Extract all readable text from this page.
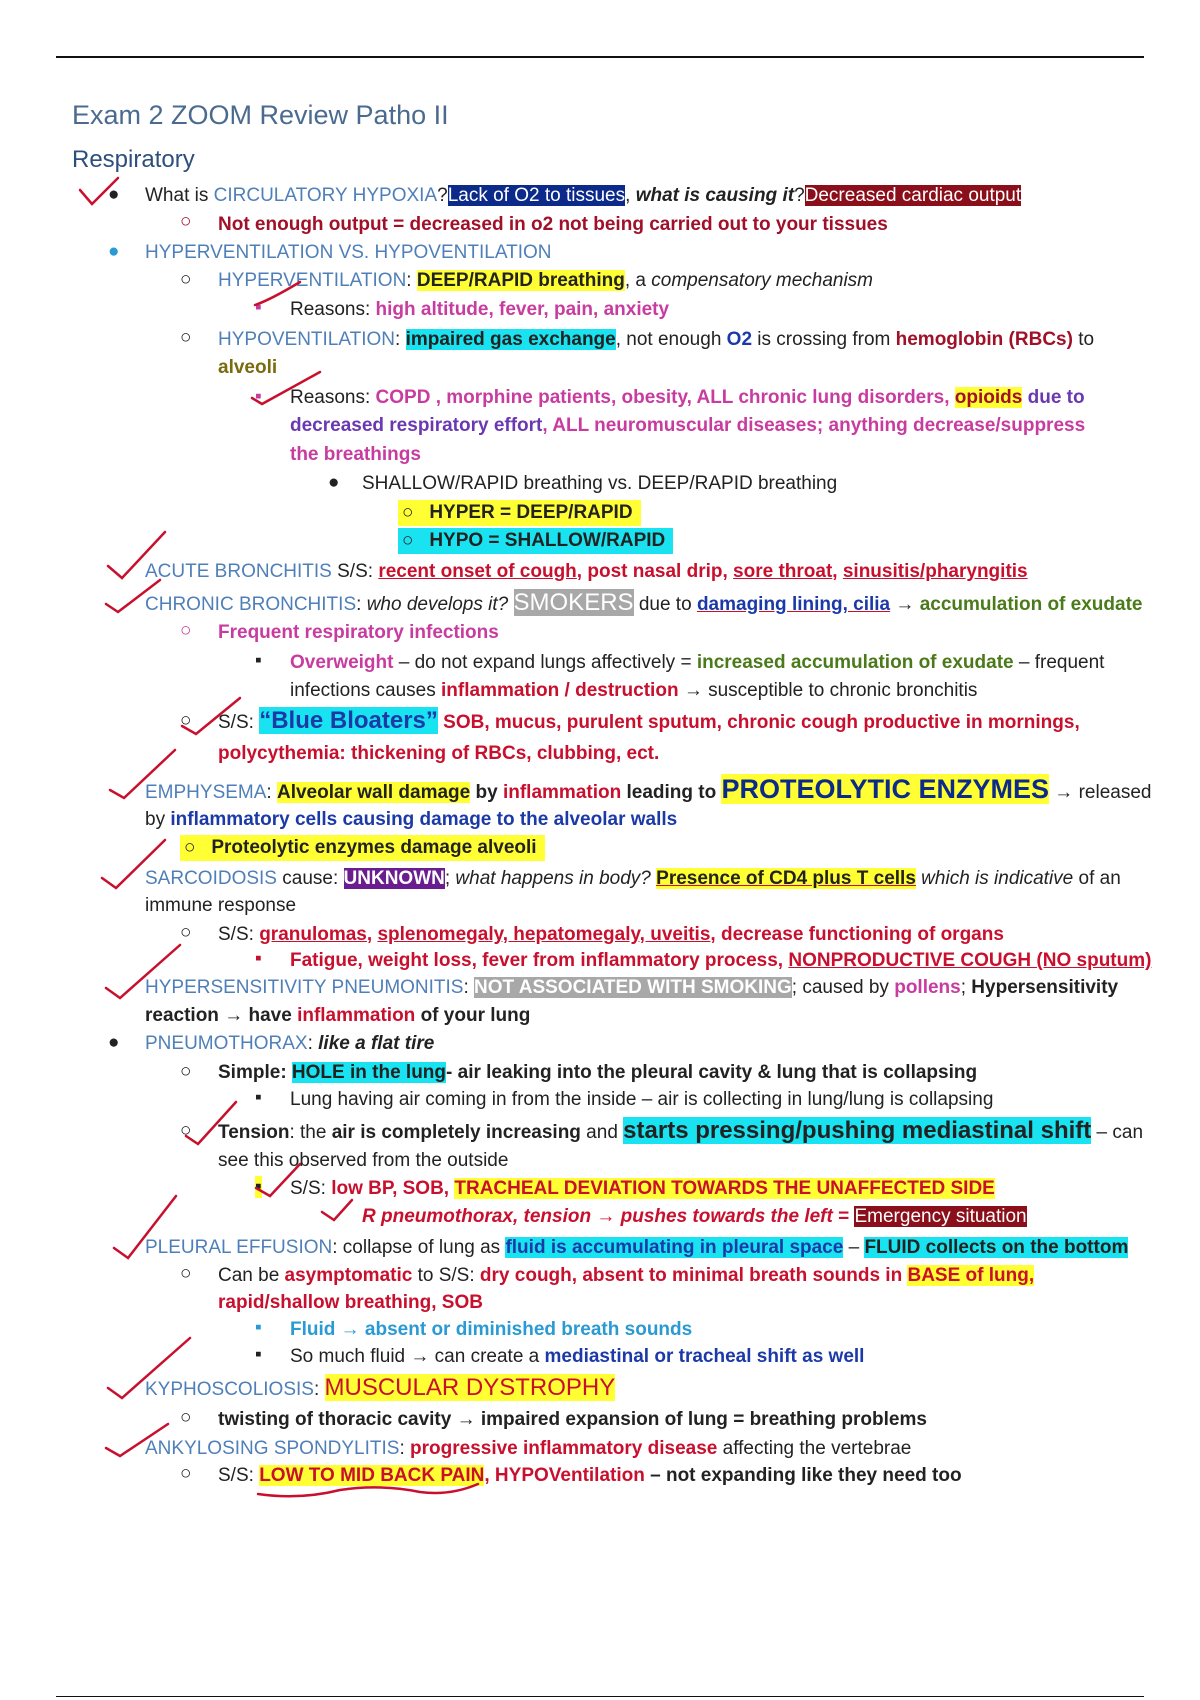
Exam 2 ZOOM Review Patho II
Respiratory
● What is CIRCULATORY HYPOXIA?Lack of O2 to tissues, what is causing it?Decreased cardiac output
○ Not enough output = decreased in o2 not being carried out to your tissues
● HYPERVENTILATION VS. HYPOVENTILATION
○ HYPERVENTILATION: DEEP/RAPID breathing, a compensatory mechanism
▪ Reasons: high altitude, fever, pain, anxiety
○ HYPOVENTILATION: impaired gas exchange, not enough O2 is crossing from hemoglobin (RBCs) to
alveoli
▪ Reasons: COPD , morphine patients, obesity, ALL chronic lung disorders, opioids due to
decreased respiratory effort, ALL neuromuscular diseases; anything decrease/suppress
the breathings
● SHALLOW/RAPID breathing vs. DEEP/RAPID breathing
○   HYPER = DEEP/RAPID
○   HYPO = SHALLOW/RAPID
ACUTE BRONCHITIS S/S: recent onset of cough, post nasal drip, sore throat, sinusitis/pharyngitis
CHRONIC BRONCHITIS: who develops it? SMOKERS due to damaging lining, cilia → accumulation of exudate
○ Frequent respiratory infections
▪ Overweight – do not expand lungs affectively = increased accumulation of exudate – frequent
infections causes inflammation / destruction → susceptible to chronic bronchitis
○ S/S: “Blue Bloaters” SOB, mucus, purulent sputum, chronic cough productive in mornings,
polycythemia: thickening of RBCs, clubbing, ect.
EMPHYSEMA: Alveolar wall damage by inflammation leading to PROTEOLYTIC ENZYMES → released
by inflammatory cells causing damage to the alveolar walls
○   Proteolytic enzymes damage alveoli
SARCOIDOSIS cause: UNKNOWN; what happens in body? Presence of CD4 plus T cells which is indicative of an
immune response
○ S/S: granulomas, splenomegaly, hepatomegaly, uveitis, decrease functioning of organs
▪ Fatigue, weight loss, fever from inflammatory process, NONPRODUCTIVE COUGH (NO sputum)
HYPERSENSITIVITY PNEUMONITIS: NOT ASSOCIATED WITH SMOKING; caused by pollens; Hypersensitivity
reaction → have inflammation of your lung
● PNEUMOTHORAX: like a flat tire
○ Simple: HOLE in the lung- air leaking into the pleural cavity & lung that is collapsing
▪ Lung having air coming in from the inside – air is collecting in lung/lung is collapsing
○ Tension: the air is completely increasing and starts pressing/pushing mediastinal shift – can
see this observed from the outside
▪ S/S: low BP, SOB, TRACHEAL DEVIATION TOWARDS THE UNAFFECTED SIDE
R pneumothorax, tension → pushes towards the left = Emergency situation
PLEURAL EFFUSION: collapse of lung as fluid is accumulating in pleural space – FLUID collects on the bottom
○ Can be asymptomatic to S/S: dry cough, absent to minimal breath sounds in BASE of lung,
rapid/shallow breathing, SOB
▪ Fluid → absent or diminished breath sounds
▪ So much fluid → can create a mediastinal or tracheal shift as well
KYPHOSCOLIOSIS: MUSCULAR DYSTROPHY
○ twisting of thoracic cavity → impaired expansion of lung = breathing problems
ANKYLOSING SPONDYLITIS: progressive inflammatory disease affecting the vertebrae
○ S/S: LOW TO MID BACK PAIN, HYPOVentilation – not expanding like they need too
